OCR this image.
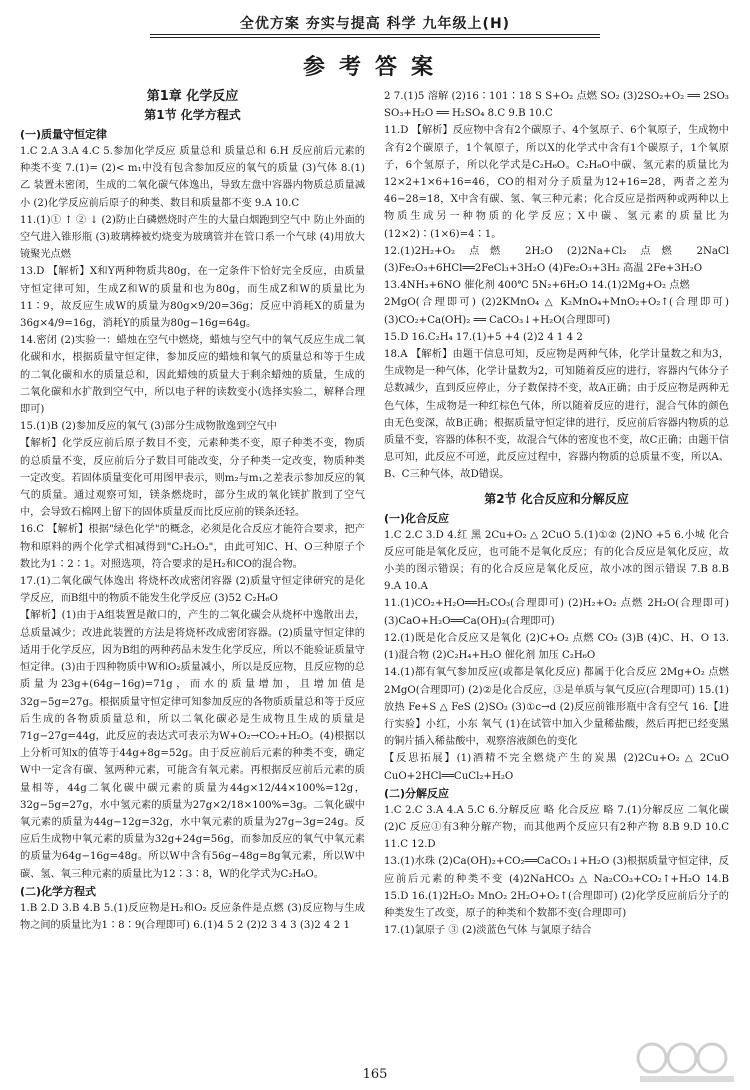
全优方案 夯实与提高 科学 九年级上(H)
参考答案
第1章 化学反应
第1节 化学方程式
(一)质量守恒定律

1.C 2.A 3.A 4.C 5.参加化学反应 质量总和 质量总和 6.H 反应前后元素的种类不变 7.(1)= (2)< m₁中没有包含参加反应的氧气的质量 (3)气体 8.(1)乙 装置未密闭，生成的二氧化碳气体逸出，导致左盘中容器内物质总质量减小 (2)化学反应前后原子的种类、数目和质量都不变 9.A 10.C

11.(1)① ↑ ② ↓ (2)防止白磷燃烧时产生的大量白烟跑到空气中 防止外面的空气进入锥形瓶 (3)玻璃棒被灼烧变为玻璃管并在管口系一个气球 (4)用放大镜聚光点燃

13.D 【解析】X和Y两种物质共80g，在一定条件下恰好完全反应，由质量守恒定律可知，生成Z和W的质量和也为80g，而生成Z和W的质量比为11∶9，故反应生成W的质量为80g×9/20=36g；反应中消耗X的质量为36g×4/9=16g，消耗Y的质量为80g−16g=64g。

14.密闭 (2)实验一：蜡烛在空气中燃烧，蜡烛与空气中的氧气反应生成二氧化碳和水，根据质量守恒定律，参加反应的蜡烛和氧气的质量总和等于生成的二氧化碳和水的质量总和，因此蜡烛的质量大于剩余蜡烛的质量，生成的二氧化碳和水扩散到空气中，所以电子秤的读数变小(选择实验二，解释合理即可)

15.(1)B (2)参加反应的氧气 (3)部分生成物散逸到空气中

【解析】化学反应前后原子数目不变，元素种类不变，原子种类不变，物质的总质量不变，反应前后分子数目可能改变，分子种类一定改变，物质种类一定改变。若固体质量变化可用图甲表示，则m₂与m₁之差表示参加反应的氧气的质量。通过观察可知，镁条燃烧时，部分生成的氧化镁扩散到了空气中，会导致石棉网上留下的固体质量反而比反应前的镁条还轻。

16.C 【解析】根据"绿色化学"的概念，必须是化合反应才能符合要求，把产物和原料的两个化学式相减得到"C₂H₂O₂"，由此可知C、H、O三种原子个数比为1∶2∶1。对照选项，符合要求的是H₂和CO的混合物。

17.(1)二氧化碳气体逸出 将烧杯改成密闭容器 (2)质量守恒定律研究的是化学反应，而B组中的物质不能发生化学反应 (3)52 C₂H₆O

【解析】(1)由于A组装置是敞口的，产生的二氧化碳会从烧杯中逸散出去，总质量减少；改进此装置的方法是将烧杯改成密闭容器。(2)质量守恒定律的适用于化学反应，因为B组的两种药品未发生化学反应，所以不能验证质量守恒定律。(3)由于四种物质中W和O₂质量减小，所以是反应物，且反应物的总质量为23g+(64g−16g)=71g，而水的质量增加，且增加值是32g−5g=27g。根据质量守恒定律可知参加反应的各物质质量总和等于反应后生成的各物质质量总和，所以二氧化碳必是生成物且生成的质量是71g−27g=44g，此反应的表达式可表示为W+O₂→CO₂+H₂O。(4)根据以上分析可知x的值等于44g+8g=52g。由于反应前后元素的种类不变，确定W中一定含有碳、氢两种元素，可能含有氧元素。再根据反应前后元素的质量相等，44g二氧化碳中碳元素的质量为44g×12/44×100%=12g，32g−5g=27g，水中氢元素的质量为27g×2/18×100%=3g。二氧化碳中氧元素的质量为44g−12g=32g，水中氧元素的质量为27g−3g=24g。反应后生成物中氧元素的质量为32g+24g=56g，而参加反应的氧气中氧元素的质量为64g−16g=48g。所以W中含有56g−48g=8g氧元素，所以W中碳、氢、氧三种元素的质量比为12∶3∶8，W的化学式为C₂H₆O。

(二)化学方程式

1.B 2.D 3.B 4.B 5.(1)反应物是H₂和O₂ 反应条件是点燃 (3)反应物与生成物之间的质量比为1∶8∶9(合理即可) 6.(1)4 5 2 (2)2 3 4 3 (3)2 4 2 1

2 7.(1)5 溶解 (2)16∶101∶18 S S+O₂ 点燃 SO₂ (3)2SO₂+O₂ ══ 2SO₃ SO₃+H₂O ══ H₂SO₄ 8.C 9.B 10.C

11.D 【解析】反应物中含有2个碳原子、4个氢原子、6个氧原子，生成物中含有2个碳原子，1个氧原子，所以X的化学式中含有1个碳原子，1个氧原子，6个氢原子，所以化学式是C₂H₆O。C₂H₆O中碳、氢元素的质量比为12×2+1×6+16=46，CO的相对分子质量为12+16=28，两者之差为46−28=18，X中含有碳、氢、氧三种元素；化合反应是指两种或两种以上物质生成另一种物质的化学反应；X中碳、氢元素的质量比为(12×2)∶(1×6)=4∶1。

12.(1)2H₂+O₂ 点燃 2H₂O (2)2Na+Cl₂ 点燃 2NaCl (3)Fe₂O₃+6HCl══2FeCl₃+3H₂O (4)Fe₂O₃+3H₂ 高温 2Fe+3H₂O

13.4NH₃+6NO 催化剂 400℃ 5N₂+6H₂O 14.(1)2Mg+O₂ 点燃

2MgO(合理即可) (2)2KMnO₄ △ K₂MnO₄+MnO₂+O₂↑(合理即可) (3)CO₂+Ca(OH)₂ ══ CaCO₃↓+H₂O(合理即可)

15.D 16.C₂H₄ 17.(1)+5 +4 (2)2 4 1 4 2

18.A 【解析】由题干信息可知，反应物是两种气体，化学计量数之和为3，生成物是一种气体，化学计量数为2，可知随着反应的进行，容器内气体分子总数减少，直到反应停止，分子数保持不变，故A正确；由于反应物是两种无色气体，生成物是一种红棕色气体，所以随着反应的进行，混合气体的颜色由无色变深，故B正确；根据质量守恒定律的进行，反应前后容器内物质的总质量不变，容器的体积不变，故混合气体的密度也不变，故C正确；由题干信息可知，此反应不可逆，此反应过程中，容器内物质的总质量不变，所以A、B、C三种气体，故D错误。

第2节 化合反应和分解反应
(一)化合反应

1.C 2.C 3.D 4.红 黑 2Cu+O₂ △ 2CuO 5.(1)①② (2)NO +5 6.小城 化合反应可能是氧化反应，也可能不是氧化反应；有的化合反应是氧化反应，故小美的图示错误；有的化合反应是氧化反应，故小冰的图示错误 7.B 8.B 9.A 10.A

11.(1)CO₂+H₂O══H₂CO₃(合理即可) (2)H₂+O₂ 点燃 2H₂O(合理即可) (3)CaO+H₂O══Ca(OH)₂(合理即可)

12.(1)既是化合反应又是氧化 (2)C+O₂ 点燃 CO₂ (3)B (4)C、H、O 13.(1)混合物 (2)C₂H₄+H₂O 催化剂 加压 C₂H₆O

14.(1)都有氧气参加反应(或都是氧化反应) 都属于化合反应 2Mg+O₂ 点燃 2MgO(合理即可) (2)②是化合反应，③是单质与氧气反应(合理即可) 15.(1)放热 Fe+S △ FeS (2)SO₂ (3)①c→d (2)反应前锥形瓶中含有空气 16.【进行实验】小红，小东 氧气 (1)在试管中加入少量稀盐酸，然后再把已经变黑的铜片插入稀盐酸中，观察溶液颜色的变化

【反思拓展】(1)酒精不完全燃烧产生的炭黑 (2)2Cu+O₂ △ 2CuO CuO+2HCl══CuCl₂+H₂O

(二)分解反应

1.C 2.C 3.A 4.A 5.C 6.分解反应 略 化合反应 略 7.(1)分解反应 二氧化碳 (2)C 反应①有3种分解产物，而其他两个反应只有2种产物 8.B 9.D 10.C 11.C 12.D

13.(1)水珠 (2)Ca(OH)₂+CO₂══CaCO₃↓+H₂O (3)根据质量守恒定律，反应前后元素的种类不变 (4)2NaHCO₃ △ Na₂CO₃+CO₂↑+H₂O 14.B 15.D 16.(1)2H₂O₂ MnO₂ 2H₂O+O₂↑(合理即可) (2)化学反应前后分子的种类发生了改变，原子的种类和个数都不变(合理即可)

17.(1)氯原子 ③ (2)淡蓝色气体 与氯原子结合

165
